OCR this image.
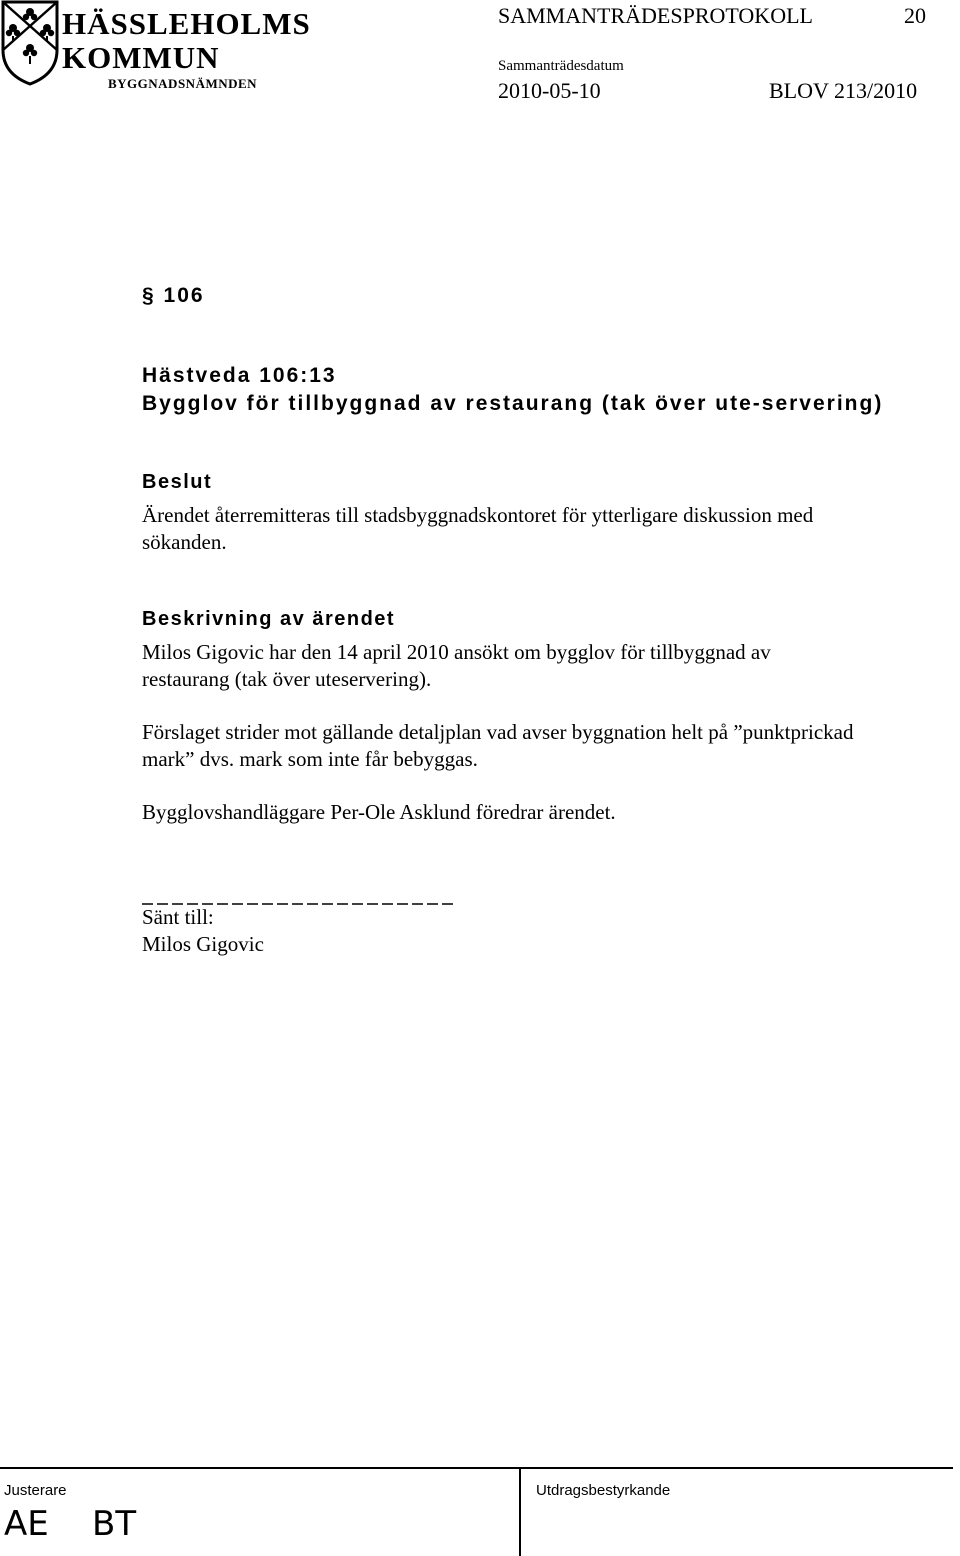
HÄSSLEHOLMS
KOMMUN
BYGGNADSNÄMNDEN
SAMMANTRÄDESPROTOKOLL	20
Sammanträdesdatum
2010-05-10	BLOV 213/2010
§ 106
Hästveda 106:13
Bygglov för tillbyggnad av restaurang (tak över ute-servering)
Beslut
Ärendet återremitteras till stadsbyggnadskontoret för ytterligare diskussion med
sökanden.
Beskrivning av ärendet
Milos Gigovic har den 14 april 2010 ansökt om bygglov för tillbyggnad av
restaurang (tak över uteservering).
Förslaget strider mot gällande detaljplan vad avser byggnation helt på ”punktprickad
mark” dvs. mark som inte får bebyggas.
Bygglovshandläggare Per-Ole Asklund föredrar ärendet.
Sänt till:
Milos Gigovic
Justerare	Utdragsbestyrkande
AE BT
